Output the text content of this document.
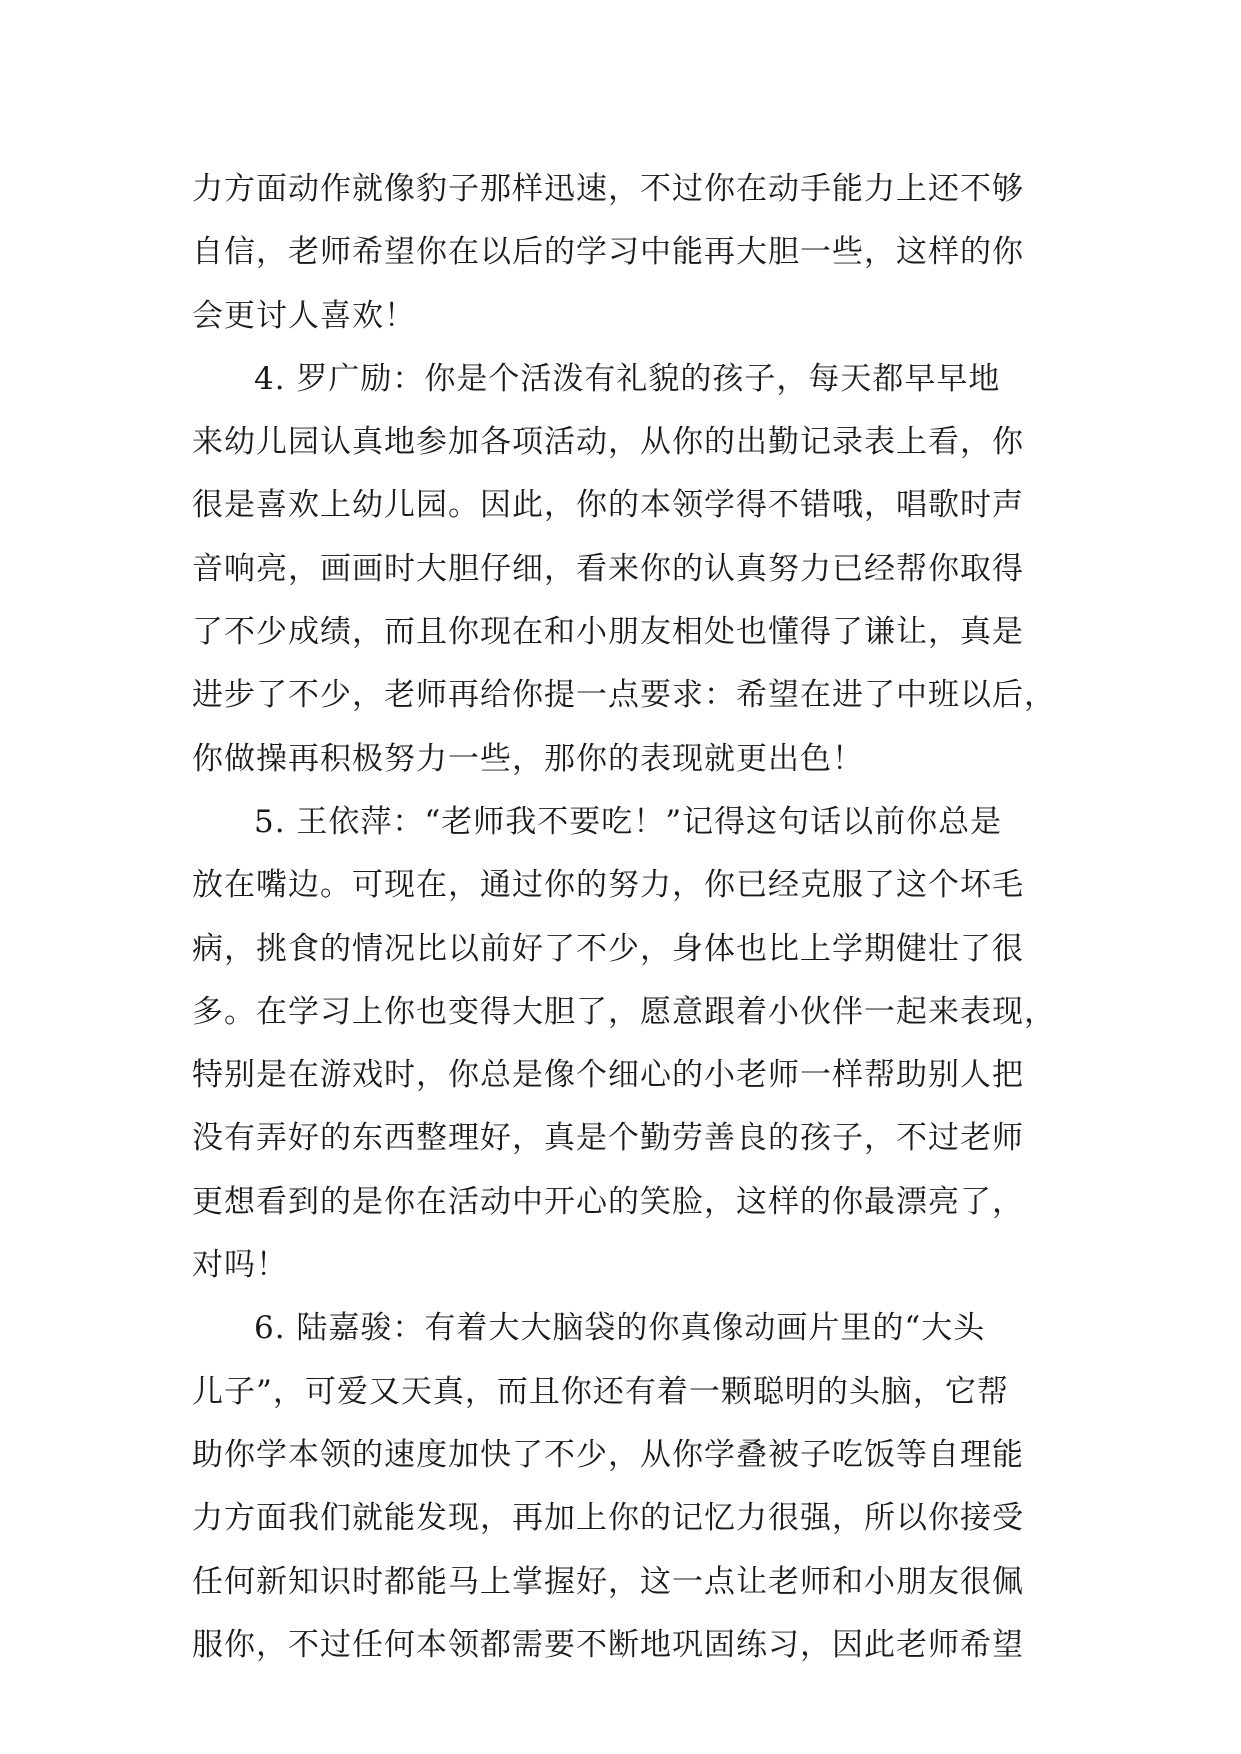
力方面动作就像豹子那样迅速，不过你在动手能力上还不够
自信，老师希望你在以后的学习中能再大胆一些，这样的你
会更讨人喜欢！
4. 罗广励：你是个活泼有礼貌的孩子，每天都早早地
来幼儿园认真地参加各项活动，从你的出勤记录表上看，你
很是喜欢上幼儿园。因此，你的本领学得不错哦，唱歌时声
音响亮，画画时大胆仔细，看来你的认真努力已经帮你取得
了不少成绩，而且你现在和小朋友相处也懂得了谦让，真是
进步了不少，老师再给你提一点要求：希望在进了中班以后，
你做操再积极努力一些，那你的表现就更出色！
5. 王依萍：“老师我不要吃！”记得这句话以前你总是
放在嘴边。可现在，通过你的努力，你已经克服了这个坏毛
病，挑食的情况比以前好了不少，身体也比上学期健壮了很
多。在学习上你也变得大胆了，愿意跟着小伙伴一起来表现，
特别是在游戏时，你总是像个细心的小老师一样帮助别人把
没有弄好的东西整理好，真是个勤劳善良的孩子，不过老师
更想看到的是你在活动中开心的笑脸，这样的你最漂亮了，
对吗！
6. 陆嘉骏：有着大大脑袋的你真像动画片里的“大头
儿子”，可爱又天真，而且你还有着一颗聪明的头脑，它帮
助你学本领的速度加快了不少，从你学叠被子吃饭等自理能
力方面我们就能发现，再加上你的记忆力很强，所以你接受
任何新知识时都能马上掌握好，这一点让老师和小朋友很佩
服你，不过任何本领都需要不断地巩固练习，因此老师希望
